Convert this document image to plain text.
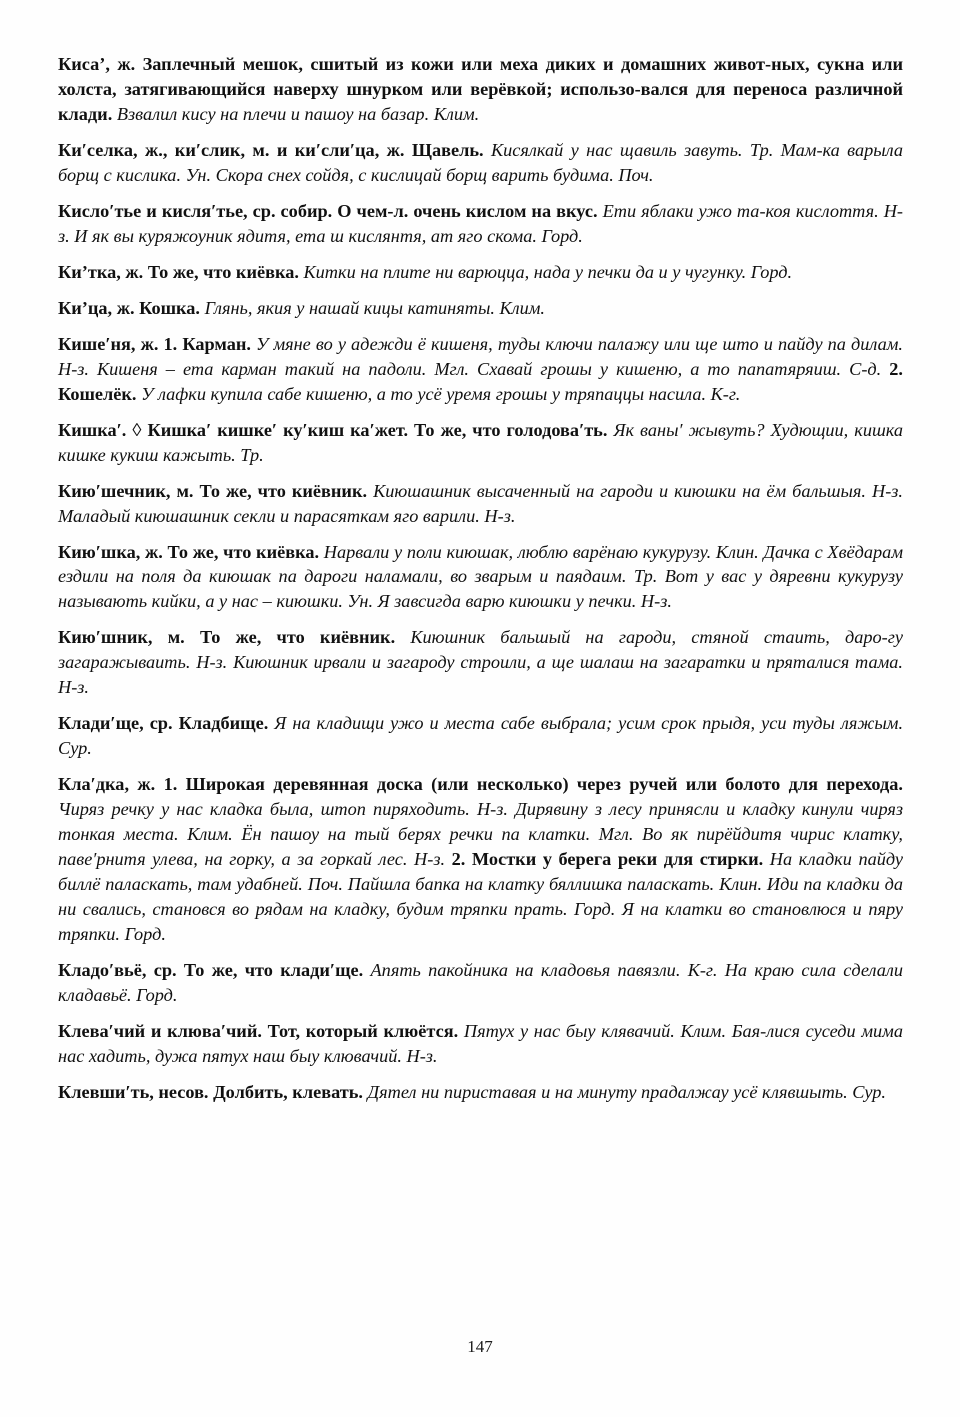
Киса’, ж. Заплечный мешок, сшитый из кожи или меха диких и домашних живот-ных, сукна или холста, затягивающийся наверху шнурком или верёвкой; использо-вался для переноса различной клади. Взвалил кису на плечи и пашоу на базар. Клим.

Ки′селка, ж., ки′слик, м. и ки′сли′ца, ж. Щавель. Кисялкай у нас щавиль завуть. Тр. Мам-ка варыла борщ с кислика. Ун. Скора снех сойдя, с кислицай борщ варить будима. Поч.

Кисло′тье и кисля′тье, ср. собир. О чем-л. очень кислом на вкус. Ети яблаки ужо та-коя кислоття. Н-з. И як вы куряжоуник ядитя, ета ш кислянтя, ат яго скома. Горд.

Ки’тка, ж. То же, что киёвка. Китки на плите ни варюцца, нада у печки да и у чугунку. Горд.

Ки’ца, ж. Кошка. Глянь, якия у нашай кицы катиняты. Клим.

Кише′ня, ж. 1. Карман. У мяне во у адежди ё кишеня, туды ключи палажу или ще што и пайду па дилам. Н-з. Кишеня – ета карман такий на падоли. Мгл. Схавай грошы у кишеню, а то папатяряиш. С-д. 2. Кошелёк. У лафки купила сабе кишеню, а то усё уремя грошы у тряпаццы насила. К-г.

Кишка′. ◊ Кишка′ кишке′ ку′киш ка′жет. То же, что голодова′ть. Як ваны′ жывуть? Худющии, кишка кишке кукиш кажыть. Тр.

Кию′шечник, м. То же, что киёвник. Киюшашник высаченный на гароди и киюшки на ём бальшыя. Н-з. Маладый киюшашник секли и парасяткам яго варили. Н-з.

Кию′шка, ж. То же, что киёвка. Нарвали у поли киюшак, люблю варёнаю кукурузу. Клин. Дачка с Хвёдарам ездили на поля да киюшак па дароги наламали, во зварым и паядаим. Тр. Вот у вас у дяревни кукурузу называють кийки, а у нас – киюшки. Ун. Я завсигда варю киюшки у печки. Н-з.

Кию′шник, м. То же, что киёвник. Киюшник бальшый на гароди, стяной стаить, даро-гу загаражываить. Н-з. Киюшник ирвали и загароду строили, а ще шалаш на загаратки и пряталися тама. Н-з.

Клади′ще, ср. Кладбище. Я на кладищи ужо и места сабе выбрала; усим срок прыдя, уси туды ляжым. Сур.

Кла′дка, ж. 1. Широкая деревянная доска (или несколько) через ручей или болото для перехода. Чиряз речку у нас кладка была, штоп пиряходить. Н-з. Дирявину з лесу принясли и кладку кинули чиряз тонкая места. Клим. Ён пашоу на тый берях речки па клатки. Мгл. Во як пирёйдитя чирис клатку, паве′рнитя улева, на горку, а за горкай лес. Н-з. 2. Мостки у берега реки для стирки. На кладки пайду биллё паласкать, там удабней. Поч. Пайшла бапка на клатку бяллишка паласкать. Клин. Иди па кладки да ни свались, становся во рядам на кладку, будим тряпки прать. Горд. Я на клатки во становлюся и пяру тряпки. Горд.

Кладо′вьё, ср. То же, что клади′ще. Апять пакойника на кладовья павязли. К-г. На краю сила сделали кладавьё. Горд.

Клева′чий и клюва′чий. Тот, который клюётся. Пятух у нас быу клявачий. Клим. Бая-лися суседи мима нас хадить, дужа пятух наш быу клювачий. Н-з.

Клевши′ть, несов. Долбить, клевать. Дятел ни пириставая и на минуту прадалжау усё клявшыть. Сур.

147
